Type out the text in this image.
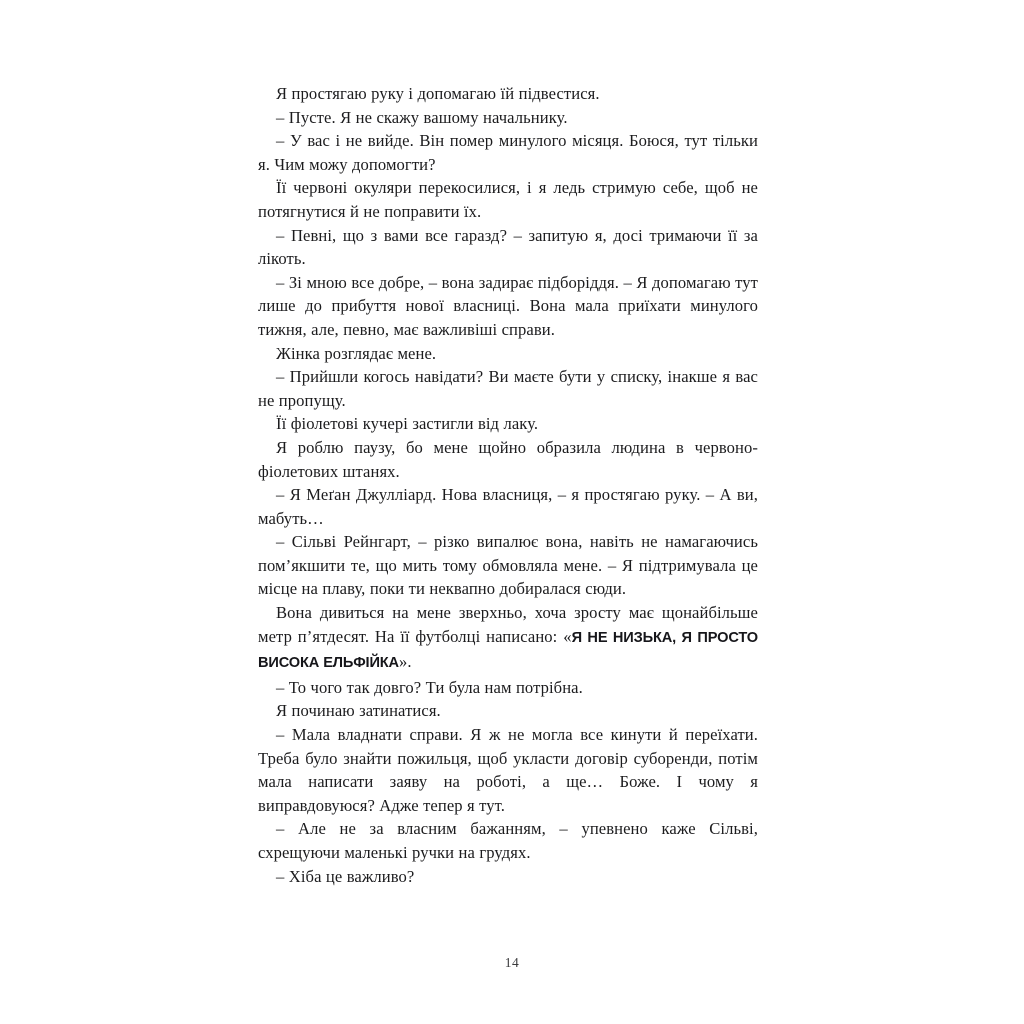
Я простягаю руку і допомагаю їй підвестися.

– Пусте. Я не скажу вашому начальнику.

– У вас і не вийде. Він помер минулого місяця. Боюся, тут тільки я. Чим можу допомогти?

Її червоні окуляри перекосилися, і я ледь стримую себе, щоб не потягнутися й не поправити їх.

– Певні, що з вами все гаразд? – запитую я, досі тримаючи її за лікоть.

– Зі мною все добре, – вона задирає підборіддя. – Я допомагаю тут лише до прибуття нової власниці. Вона мала приїхати минулого тижня, але, певно, має важливіші справи.

Жінка розглядає мене.

– Прийшли когось навідати? Ви маєте бути у списку, інакше я вас не пропущу.

Її фіолетові кучері застигли від лаку.

Я роблю паузу, бо мене щойно образила людина в червоно-фіолетових штанях.

– Я Меґан Джулліард. Нова власниця, – я простягаю руку. – А ви, мабуть…

– Сільві Рейнгарт, – різко випалює вона, навіть не намагаючись пом’якшити те, що мить тому обмовляла мене. – Я підтримувала це місце на плаву, поки ти неквапно добиралася сюди.

Вона дивиться на мене зверхньо, хоча зросту має щонайбільше метр п’ятдесят. На її футболці написано: «Я НЕ НИЗЬКА, Я ПРОСТО ВИСОКА ЕЛЬФІЙКА».

– То чого так довго? Ти була нам потрібна.

Я починаю затинатися.

– Мала владнати справи. Я ж не могла все кинути й переїхати. Треба було знайти пожильця, щоб укласти договір суборенди, потім мала написати заяву на роботі, а ще… Боже. І чому я виправдовуюся? Адже тепер я тут.

– Але не за власним бажанням, – упевнено каже Сільві, схрещуючи маленькі ручки на грудях.

– Хіба це важливо?

14
